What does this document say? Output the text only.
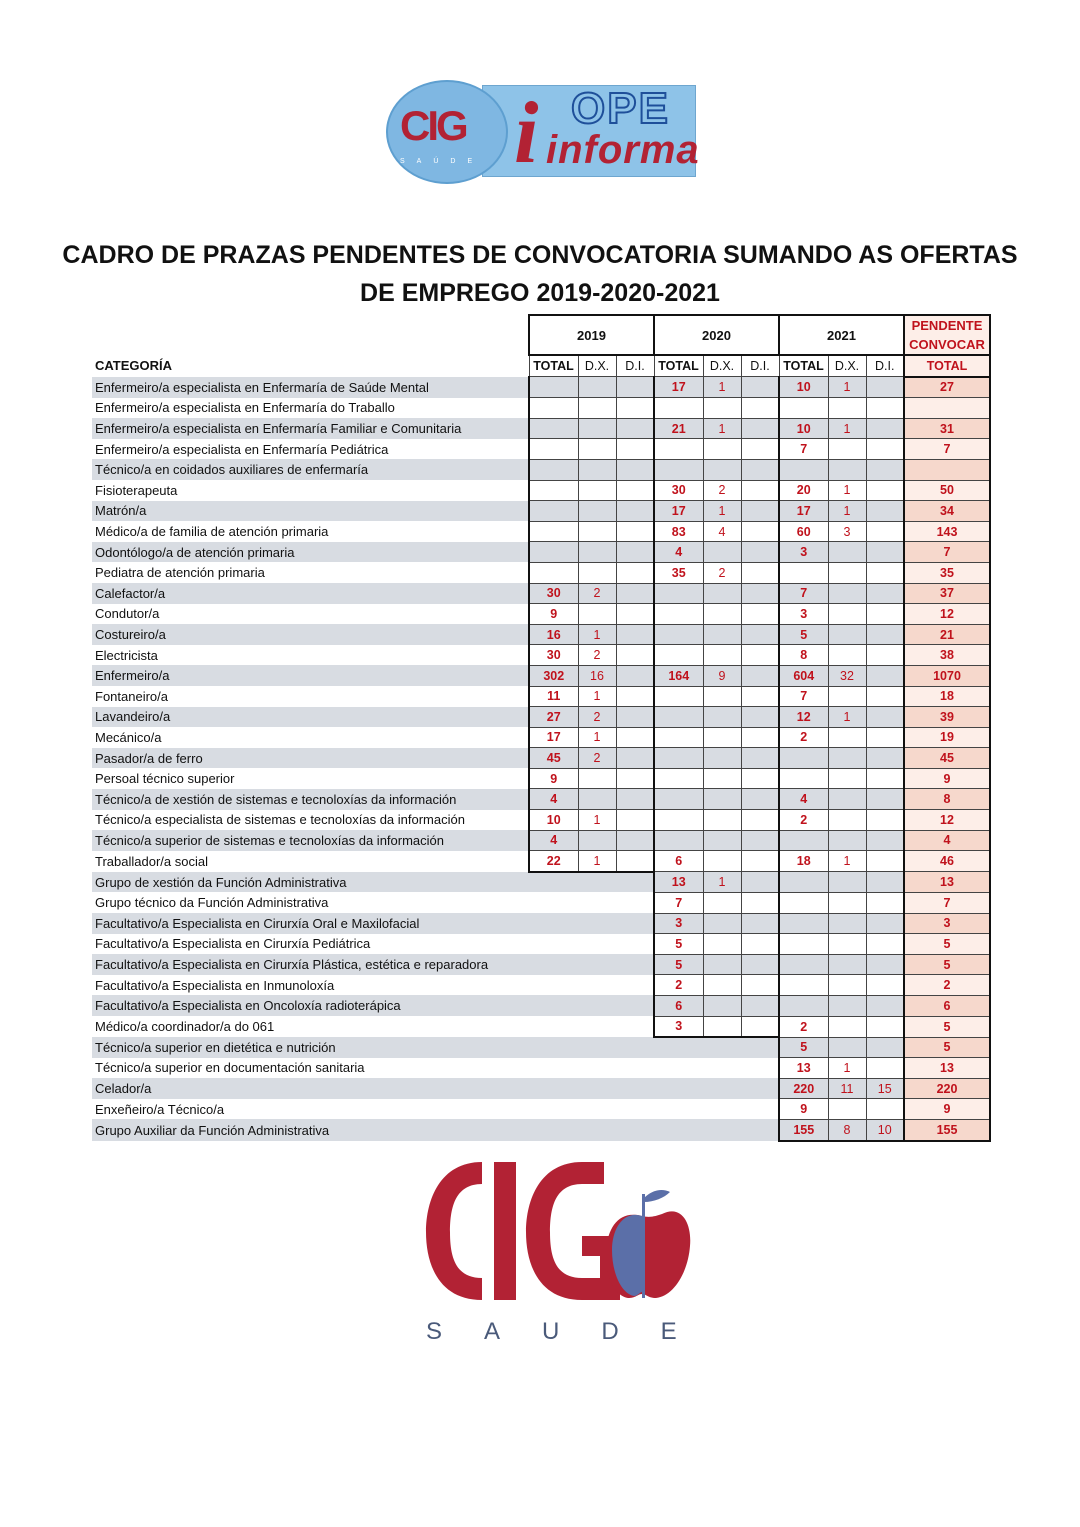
CIG
SAÚDE i OPE
informa
CADRO DE PRAZAS PENDENTES DE CONVOCATORIA SUMANDO AS OFERTAS DE EMPREGO 2019-2020-2021
	2019			2020			2021			PENDENTE CONVOCAR
CATEGORÍA	TOTAL	D.X.	D.I.	TOTAL	D.X.	D.I.	TOTAL	D.X.	D.I.	TOTAL
Enfermeiro/a especialista en Enfermaría de Saúde Mental				17	1		10	1		27
Enfermeiro/a especialista en Enfermaría do Traballo										
Enfermeiro/a especialista en Enfermaría Familiar e Comunitaria				21	1		10	1		31
Enfermeiro/a especialista en Enfermaría Pediátrica							7			7
Técnico/a en coidados auxiliares de enfermaría										
Fisioterapeuta				30	2		20	1		50
Matrón/a				17	1		17	1		34
Médico/a de familia de atención primaria				83	4		60	3		143
Odontólogo/a de atención primaria				4			3			7
Pediatra de atención primaria				35	2					35
Calefactor/a	30	2					7			37
Condutor/a	9						3			12
Costureiro/a	16	1					5			21
Electricista	30	2					8			38
Enfermeiro/a	302	16		164	9		604	32		1070
Fontaneiro/a	11	1					7			18
Lavandeiro/a	27	2					12	1		39
Mecánico/a	17	1					2			19
Pasador/a de ferro	45	2								45
Persoal técnico superior	9									9
Técnico/a de xestión de sistemas e tecnoloxías da información	4						4			8
Técnico/a especialista de sistemas e tecnoloxías da información	10	1					2			12
Técnico/a superior de sistemas e tecnoloxías da información	4									4
Traballador/a social	22	1		6			18	1		46
Grupo de xestión da Función Administrativa				13	1					13
Grupo técnico da Función Administrativa				7						7
Facultativo/a Especialista en Cirurxía Oral e Maxilofacial				3						3
Facultativo/a Especialista en Cirurxía Pediátrica				5						5
Facultativo/a Especialista en Cirurxía Plástica, estética e reparadora				5						5
Facultativo/a Especialista en Inmunoloxía				2						2
Facultativo/a Especialista en Oncoloxía radioterápica				6						6
Médico/a coordinador/a do 061				3			2			5
Técnico/a superior en dietética e nutrición							5			5
Técnico/a superior en documentación sanitaria							13	1		13
Celador/a							220	11	15	220
Enxeñeiro/a Técnico/a							9			9
Grupo Auxiliar da Función Administrativa							155	8	10	155
SAUDE
